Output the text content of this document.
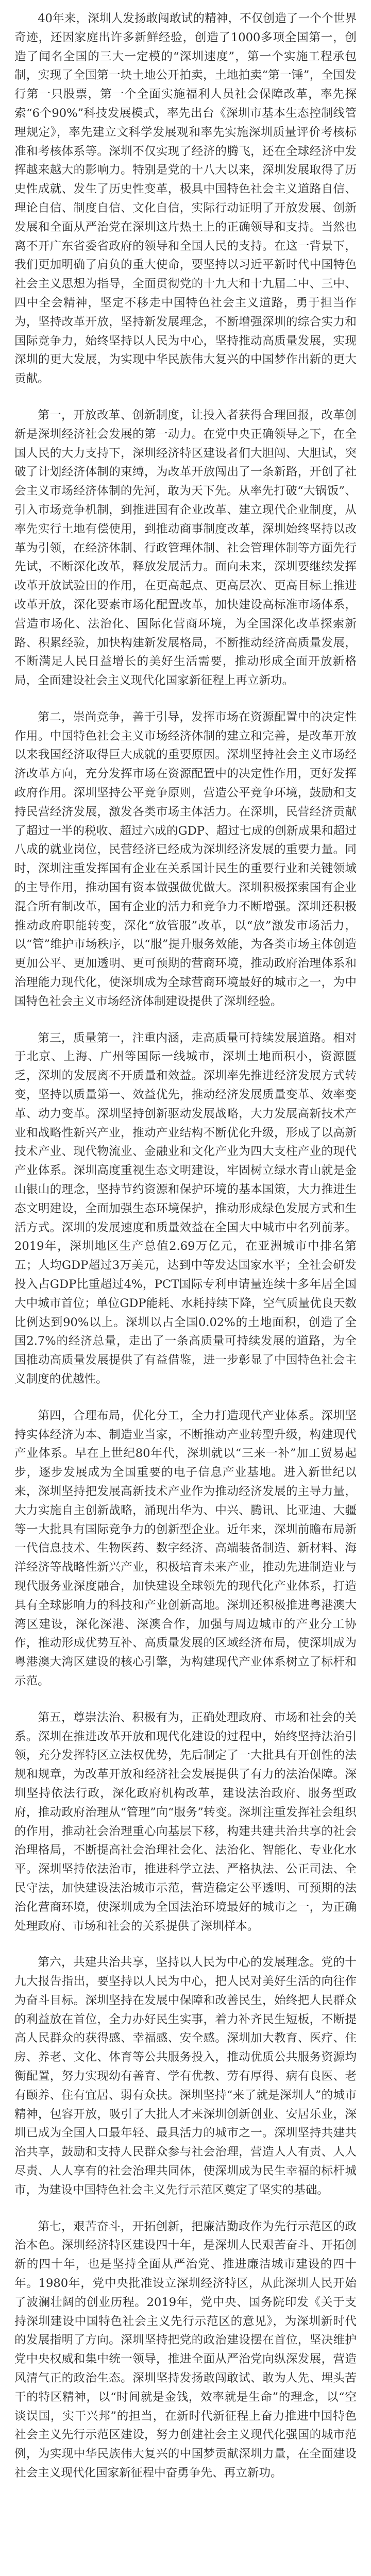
40年来，深圳人发扬敢闯敢试的精神，不仅创造了一个个世界奇迹，还因家庭出许多新鲜经验，创造了1000多项全国第一，创造了闻名全国的三大一定模的“深圳速度”，第一个实施工程承包制，实现了全国第一块土地公开拍卖，土地拍卖“第一锤”，全国发行第一只股票，第一个全面实施福利人员社会保障改革，率先探索“6个90%”科技发展模式，率先出台《深圳市基本生态控制线管理规定》，率先建立文科学发展观和率先实施深圳质量评价考核标准和考核体系等。深圳不仅实现了经济的腾飞，还在全球经济中发挥越来越大的影响力。特别是党的十八大以来，深圳发展取得了历史性成就、发生了历史性变革，极具中国特色社会主义道路自信、理论自信、制度自信、文化自信，实际行动证明了开放发展、创新发展和全面从严治党在深圳这片热土上的正确领导和支持。当然也离不开广东省委省政府的领导和全国人民的支持。在这一背景下，我们更加明确了肩负的重大使命，要坚持以习近平新时代中国特色社会主义思想为指导，全面贯彻党的十九大和十九届二中、三中、四中全会精神，坚定不移走中国特色社会主义道路，勇于担当作为，坚持改革开放，坚持新发展理念，不断增强深圳的综合实力和国际竞争力，始终坚持以人民为中心，坚持推动高质量发展，实现深圳的更大发展，为实现中华民族伟大复兴的中国梦作出新的更大贡献。

第一，开放改革、创新制度，让投入者获得合理回报，改革创新是深圳经济社会发展的第一动力。在党中央正确领导之下，在全国人民的大力支持下，深圳经济特区建设者们大胆闯、大胆试，突破了计划经济体制的束缚，为改革开放闯出了一条新路，开创了社会主义市场经济体制的先河，敢为天下先。从率先打破“大锅饭”、引入市场竞争机制，到推进国有企业改革、建立现代企业制度，从率先实行土地有偿使用，到推动商事制度改革，深圳始终坚持以改革为引领，在经济体制、行政管理体制、社会管理体制等方面先行先试，不断深化改革，释放发展活力。面向未来，深圳要继续发挥改革开放试验田的作用，在更高起点、更高层次、更高目标上推进改革开放，深化要素市场化配置改革，加快建设高标准市场体系，营造市场化、法治化、国际化营商环境，为全国深化改革探索新路、积累经验，加快构建新发展格局，不断推动经济高质量发展，不断满足人民日益增长的美好生活需要，推动形成全面开放新格局，全面建设社会主义现代化国家新征程上再立新功。

第二，崇尚竞争，善于引导，发挥市场在资源配置中的决定性作用。中国特色社会主义市场经济体制的建立和完善，是改革开放以来我国经济取得巨大成就的重要原因。深圳坚持社会主义市场经济改革方向，充分发挥市场在资源配置中的决定性作用，更好发挥政府作用。深圳坚持公平竞争原则，营造公平竞争环境，鼓励和支持民营经济发展，激发各类市场主体活力。在深圳，民营经济贡献了超过一半的税收、超过六成的GDP、超过七成的创新成果和超过八成的就业岗位，民营经济已经成为深圳经济发展的重要力量。同时，深圳注重发挥国有企业在关系国计民生的重要行业和关键领域的主导作用，推动国有资本做强做优做大。深圳积极探索国有企业混合所有制改革，国有企业的活力和竞争力不断增强。深圳还积极推动政府职能转变，深化“放管服”改革，以“放”激发市场活力，以“管”维护市场秩序，以“服”提升服务效能，为各类市场主体创造更加公平、更加透明、更可预期的营商环境，推动政府治理体系和治理能力现代化，使深圳成为全球营商环境最好的城市之一，为中国特色社会主义市场经济体制建设提供了深圳经验。

第三，质量第一，注重内涵，走高质量可持续发展道路。相对于北京、上海、广州等国际一线城市，深圳土地面积小，资源匮乏，深圳的发展离不开质量和效益。深圳率先推进经济发展方式转变，坚持以质量第一、效益优先，推动经济发展质量变革、效率变革、动力变革。深圳坚持创新驱动发展战略，大力发展高新技术产业和战略性新兴产业，推动产业结构不断优化升级，形成了以高新技术产业、现代物流业、金融业和文化产业为四大支柱产业的现代产业体系。深圳高度重视生态文明建设，牢固树立绿水青山就是金山银山的理念，坚持节约资源和保护环境的基本国策，大力推进生态文明建设，全面加强生态环境保护，推动形成绿色发展方式和生活方式。深圳的发展速度和质量效益在全国大中城市中名列前茅。2019年，深圳地区生产总值2.69万亿元，在亚洲城市中排名第五；人均GDP超过3万美元，达到中等发达国家水平；全社会研发投入占GDP比重超过4%，PCT国际专利申请量连续十多年居全国大中城市首位；单位GDP能耗、水耗持续下降，空气质量优良天数比例达到90%以上。深圳以占全国0.02%的土地面积，创造了全国2.7%的经济总量，走出了一条高质量可持续发展的道路，为全国推动高质量发展提供了有益借鉴，进一步彰显了中国特色社会主义制度的优越性。

第四，合理布局，优化分工，全力打造现代产业体系。深圳坚持实体经济为本、制造业当家，不断推动产业转型升级，构建现代产业体系。早在上世纪80年代，深圳就以“三来一补”加工贸易起步，逐步发展成为全国重要的电子信息产业基地。进入新世纪以来，深圳坚持把发展高新技术产业作为推动经济发展的主导力量，大力实施自主创新战略，涌现出华为、中兴、腾讯、比亚迪、大疆等一大批具有国际竞争力的创新型企业。近年来，深圳前瞻布局新一代信息技术、生物医药、数字经济、高端装备制造、新材料、海洋经济等战略性新兴产业，积极培育未来产业，推动先进制造业与现代服务业深度融合，加快建设全球领先的现代化产业体系，打造具有全球影响力的科技和产业创新高地。深圳还积极推进粤港澳大湾区建设，深化深港、深澳合作，加强与周边城市的产业分工协作，推动形成优势互补、高质量发展的区域经济布局，使深圳成为粤港澳大湾区建设的核心引擎，为构建现代产业体系树立了标杆和示范。

第五，尊崇法治、积极有为，正确处理政府、市场和社会的关系。深圳在推进改革开放和现代化建设的过程中，始终坚持法治引领，充分发挥特区立法权优势，先后制定了一大批具有开创性的法规和规章，为改革开放和经济社会发展提供了有力的法治保障。深圳坚持依法行政，深化政府机构改革，建设法治政府、服务型政府，推动政府治理从“管理”向“服务”转变。深圳注重发挥社会组织的作用，推动社会治理重心向基层下移，构建共建共治共享的社会治理格局，不断提高社会治理社会化、法治化、智能化、专业化水平。深圳坚持依法治市，推进科学立法、严格执法、公正司法、全民守法，加快建设法治城市示范，营造稳定公平透明、可预期的法治化营商环境，使深圳成为全国法治环境最好的城市之一，为正确处理政府、市场和社会的关系提供了深圳样本。

第六，共建共治共享，坚持以人民为中心的发展理念。党的十九大报告指出，要坚持以人民为中心，把人民对美好生活的向往作为奋斗目标。深圳坚持在发展中保障和改善民生，始终把人民群众的利益放在首位，全力办好民生实事，着力补齐民生短板，不断提高人民群众的获得感、幸福感、安全感。深圳加大教育、医疗、住房、养老、文化、体育等公共服务投入，推动优质公共服务资源均衡配置，努力实现幼有善育、学有优教、劳有厚得、病有良医、老有颐养、住有宜居、弱有众扶。深圳坚持“来了就是深圳人”的城市精神，包容开放，吸引了大批人才来深圳创新创业、安居乐业，深圳已成为全国人口最年轻、最具活力的城市之一。深圳坚持共建共治共享，鼓励和支持人民群众参与社会治理，营造人人有责、人人尽责、人人享有的社会治理共同体，使深圳成为民生幸福的标杆城市，为建设中国特色社会主义先行示范区奠定了坚实的基础。

第七，艰苦奋斗，开拓创新，把廉洁勤政作为先行示范区的政治本色。深圳经济特区建设四十年，是深圳人民艰苦奋斗、开拓创新的四十年，也是坚持全面从严治党、推进廉洁城市建设的四十年。1980年，党中央批准设立深圳经济特区，从此深圳人民开始了波澜壮阔的创业历程。2019年，党中央、国务院印发《关于支持深圳建设中国特色社会主义先行示范区的意见》，为深圳新时代的发展指明了方向。深圳坚持把党的政治建设摆在首位，坚决维护党中央权威和集中统一领导，推进全面从严治党向纵深发展，营造风清气正的政治生态。深圳坚持发扬敢闯敢试、敢为人先、埋头苦干的特区精神，以“时间就是金钱，效率就是生命”的理念，以“空谈误国，实干兴邦”的担当，在新时代新征程上奋力推进中国特色社会主义先行示范区建设，努力创建社会主义现代化强国的城市范例，为实现中华民族伟大复兴的中国梦贡献深圳力量，在全面建设社会主义现代化国家新征程中奋勇争先、再立新功。
